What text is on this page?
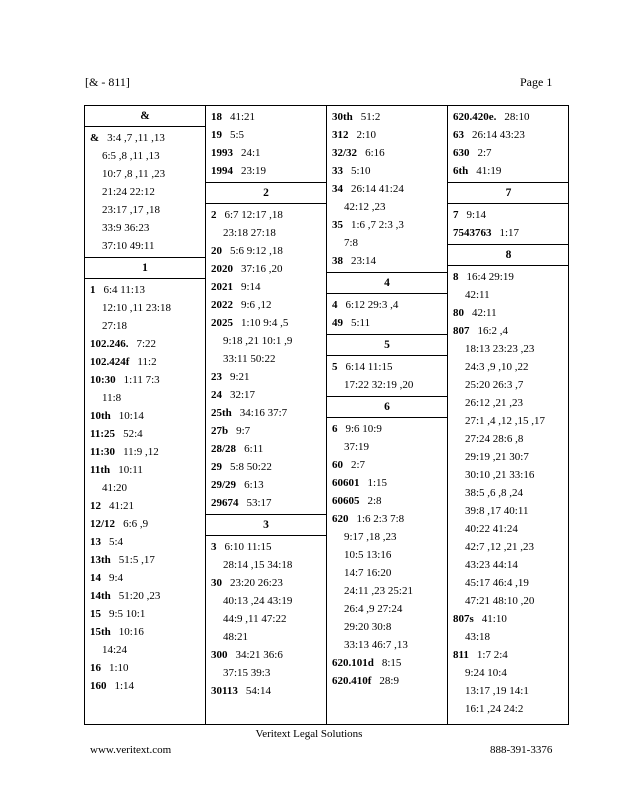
[& - 811]	Page 1
&
& 3:4 ,7 ,11 ,13
6:5 ,8 ,11 ,13
10:7 ,8 ,11 ,23
21:24 22:12
23:17 ,17 ,18
33:9 36:23
37:10 49:11
1
1 6:4 11:13
12:10 ,11 23:18
27:18
102.246. 7:22
102.424f 11:2
10:30 1:11 7:3
11:8
10th 10:14
11:25 52:4
11:30 11:9 ,12
11th 10:11
41:20
12 41:21
12/12 6:6 ,9
13 5:4
13th 51:5 ,17
14 9:4
14th 51:20 ,23
15 9:5 10:1
15th 10:16
14:24
16 1:10
160 1:14
18 41:21
19 5:5
1993 24:1
1994 23:19
2
2 6:7 12:17 ,18
23:18 27:18
20 5:6 9:12 ,18
2020 37:16 ,20
2021 9:14
2022 9:6 ,12
2025 1:10 9:4 ,5
9:18 ,21 10:1 ,9
33:11 50:22
23 9:21
24 32:17
25th 34:16 37:7
27b 9:7
28/28 6:11
29 5:8 50:22
29/29 6:13
29674 53:17
3
3 6:10 11:15
28:14 ,15 34:18
30 23:20 26:23
40:13 ,24 43:19
44:9 ,11 47:22
48:21
300 34:21 36:6
37:15 39:3
30113 54:14
30th 51:2
312 2:10
32/32 6:16
33 5:10
34 26:14 41:24
42:12 ,23
35 1:6 ,7 2:3 ,3
7:8
38 23:14
4
4 6:12 29:3 ,4
49 5:11
5
5 6:14 11:15
17:22 32:19 ,20
6
6 9:6 10:9
37:19
60 2:7
60601 1:15
60605 2:8
620 1:6 2:3 7:8
9:17 ,18 ,23
10:5 13:16
14:7 16:20
24:11 ,23 25:21
26:4 ,9 27:24
29:20 30:8
33:13 46:7 ,13
620.101d 8:15
620.410f 28:9
620.420e. 28:10
63 26:14 43:23
630 2:7
6th 41:19
7
7 9:14
7543763 1:17
8
8 16:4 29:19
42:11
80 42:11
807 16:2 ,4
18:13 23:23 ,23
24:3 ,9 ,10 ,22
25:20 26:3 ,7
26:12 ,21 ,23
27:1 ,4 ,12 ,15 ,17
27:24 28:6 ,8
29:19 ,21 30:7
30:10 ,21 33:16
38:5 ,6 ,8 ,24
39:8 ,17 40:11
40:22 41:24
42:7 ,12 ,21 ,23
43:23 44:14
45:17 46:4 ,19
47:21 48:10 ,20
807s 41:10
43:18
811 1:7 2:4
9:24 10:4
13:17 ,19 14:1
16:1 ,24 24:2
Veritext Legal Solutions
www.veritext.com	888-391-3376
